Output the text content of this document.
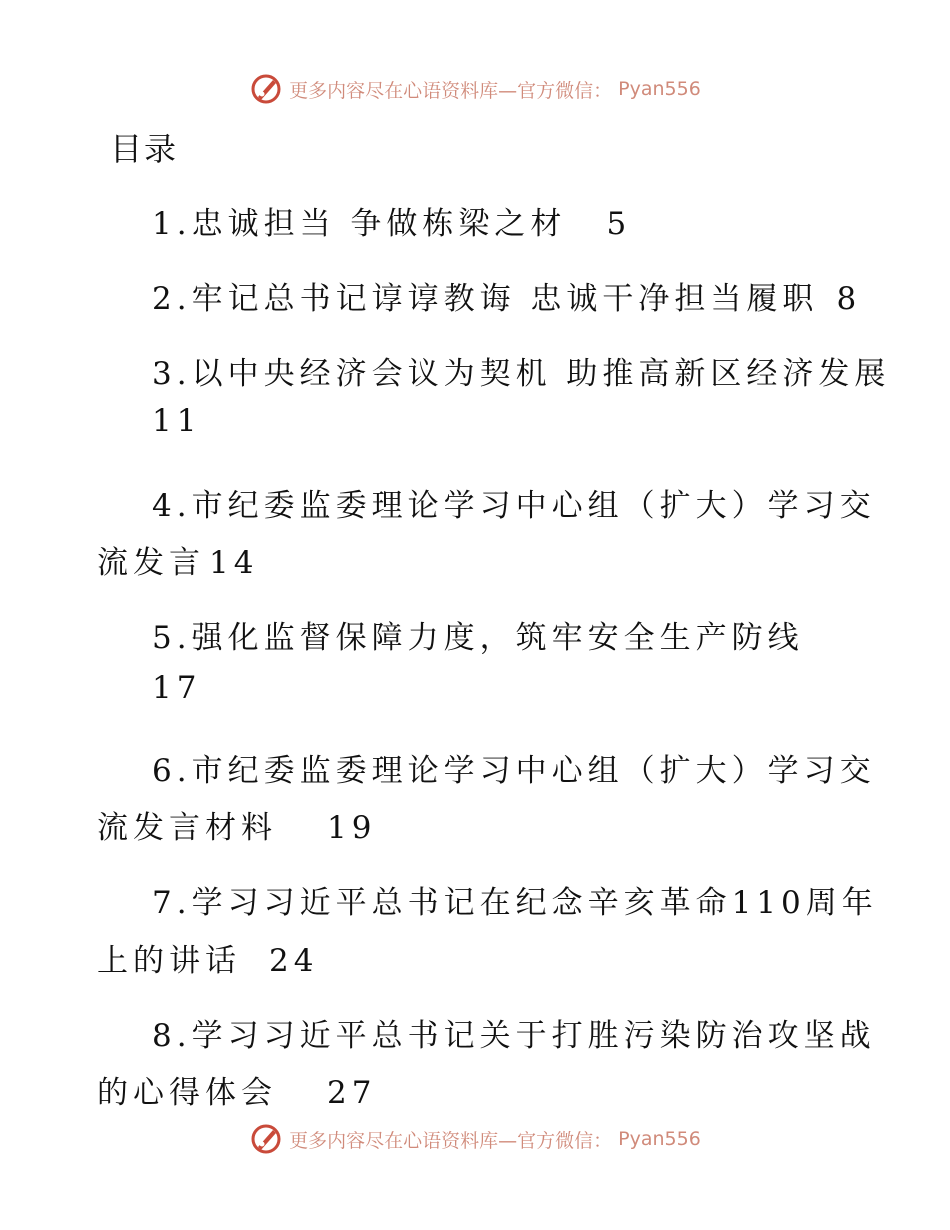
更多内容尽在心语资料库—官方微信： Pyan556
目录
1.忠诚担当 争做栋梁之材 5
2.牢记总书记谆谆教诲 忠诚干净担当履职 8
3.以中央经济会议为契机 助推高新区经济发展
11
4.市纪委监委理论学习中心组（扩大）学习交
流发言 14
5.强化监督保障力度，筑牢安全生产防线
17
6.市纪委监委理论学习中心组（扩大）学习交
流发言材料 19
7.学习习近平总书记在纪念辛亥革命110周年
上的讲话 24
8.学习习近平总书记关于打胜污染防治攻坚战
的心得体会 27
更多内容尽在心语资料库—官方微信： Pyan556
